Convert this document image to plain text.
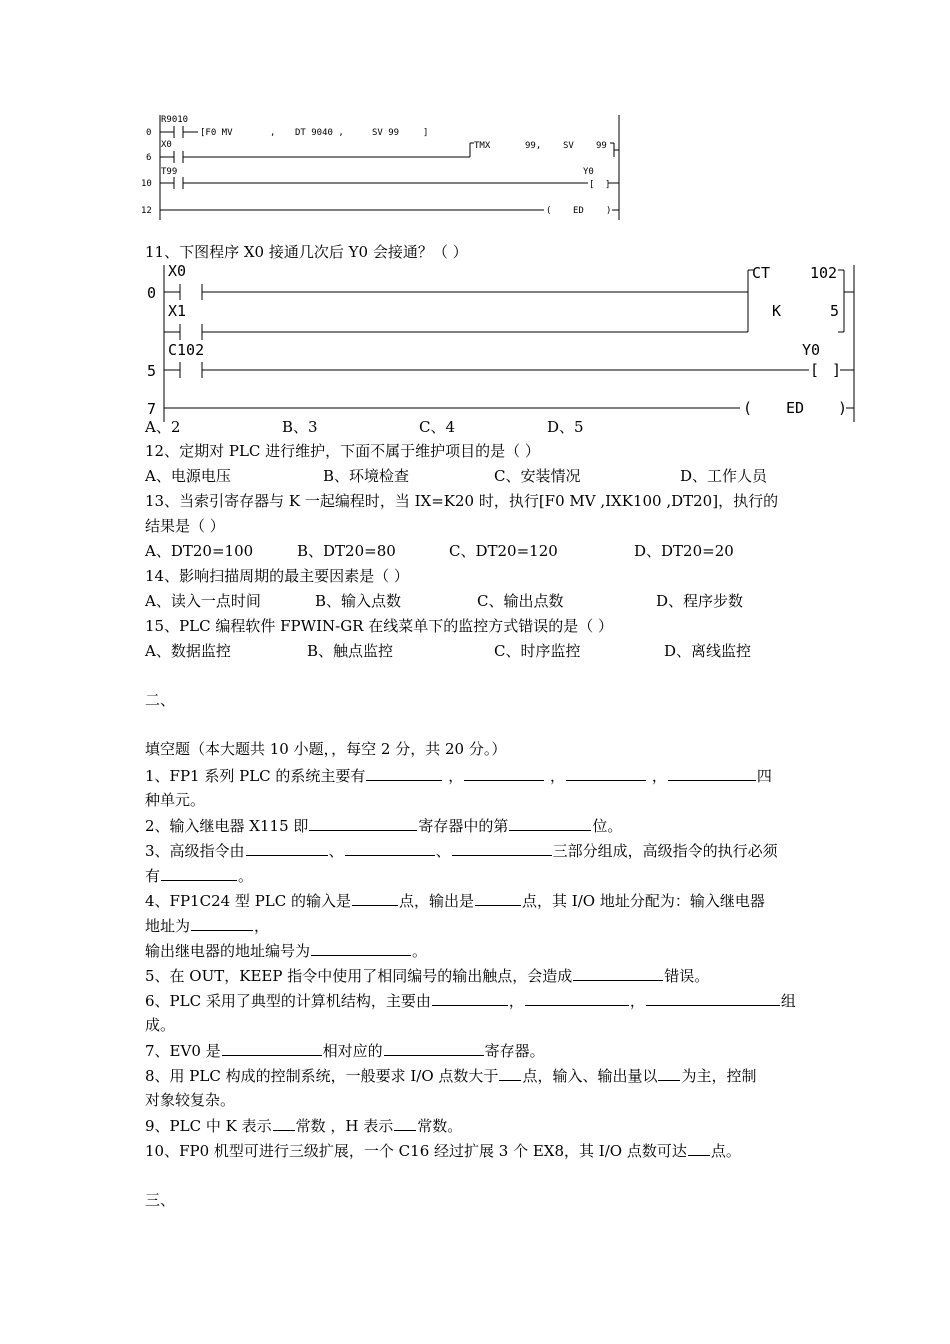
0
6
10
12
R9010
X0
T99
[F0 MV	, DT 9040 ,	SV 99	]
TMX	99, SV 99
Y0
[ ]
( ED )
11、下图程序 X0 接通几次后 Y0 会接通？（ ）
0
5
7
X0
X1
C102
CT	102
K	5
Y0
[ ]
( ED )
A、2	B、3	C、4	D、5
12、定期对 PLC 进行维护，下面不属于维护项目的是（ ）
A、电源电压	B、环境检查	C、安装情况	D、工作人员
13、当索引寄存器与 K 一起编程时，当 IX=K20 时，执行[F0 MV ,IXK100 ,DT20]，执行的
结果是（ ）
A、DT20=100	B、DT20=80	C、DT20=120	D、DT20=20
14、影响扫描周期的最主要因素是（ ）
A、读入一点时间	B、输入点数	C、输出点数	D、程序步数
15、PLC 编程软件 FPWIN-GR 在线菜单下的监控方式错误的是（ ）
A、数据监控	B、触点监控	C、时序监控	D、离线监控
二、
填空题（本大题共 10 小题，，每空 2 分，共 20 分。）
1、FP1 系列 PLC 的系统主要有	，	，	，	四
种单元。
2、输入继电器 X115 即	寄存器中的第	位。
3、高级指令由	、	、	三部分组成，高级指令的执行必须
有	。
4、FP1C24 型 PLC 的输入是	点，输出是	点，其 I/O 地址分配为：输入继电器
地址为	，
输出继电器的地址编号为	。
5、在 OUT，KEEP 指令中使用了相同编号的输出触点，会造成	错误。
6、PLC 采用了典型的计算机结构，主要由	，	，	组
成。
7、EV0 是	相对应的	寄存器。
8、用 PLC 构成的控制系统，一般要求 I/O 点数大于 点，输入、输出量以 为主，控制
对象较复杂。
9、PLC 中 K 表示 常数 ，H 表示 常数。
10、FP0 机型可进行三级扩展，一个 C16 经过扩展 3 个 EX8，其 I/O 点数可达 点。
三、
